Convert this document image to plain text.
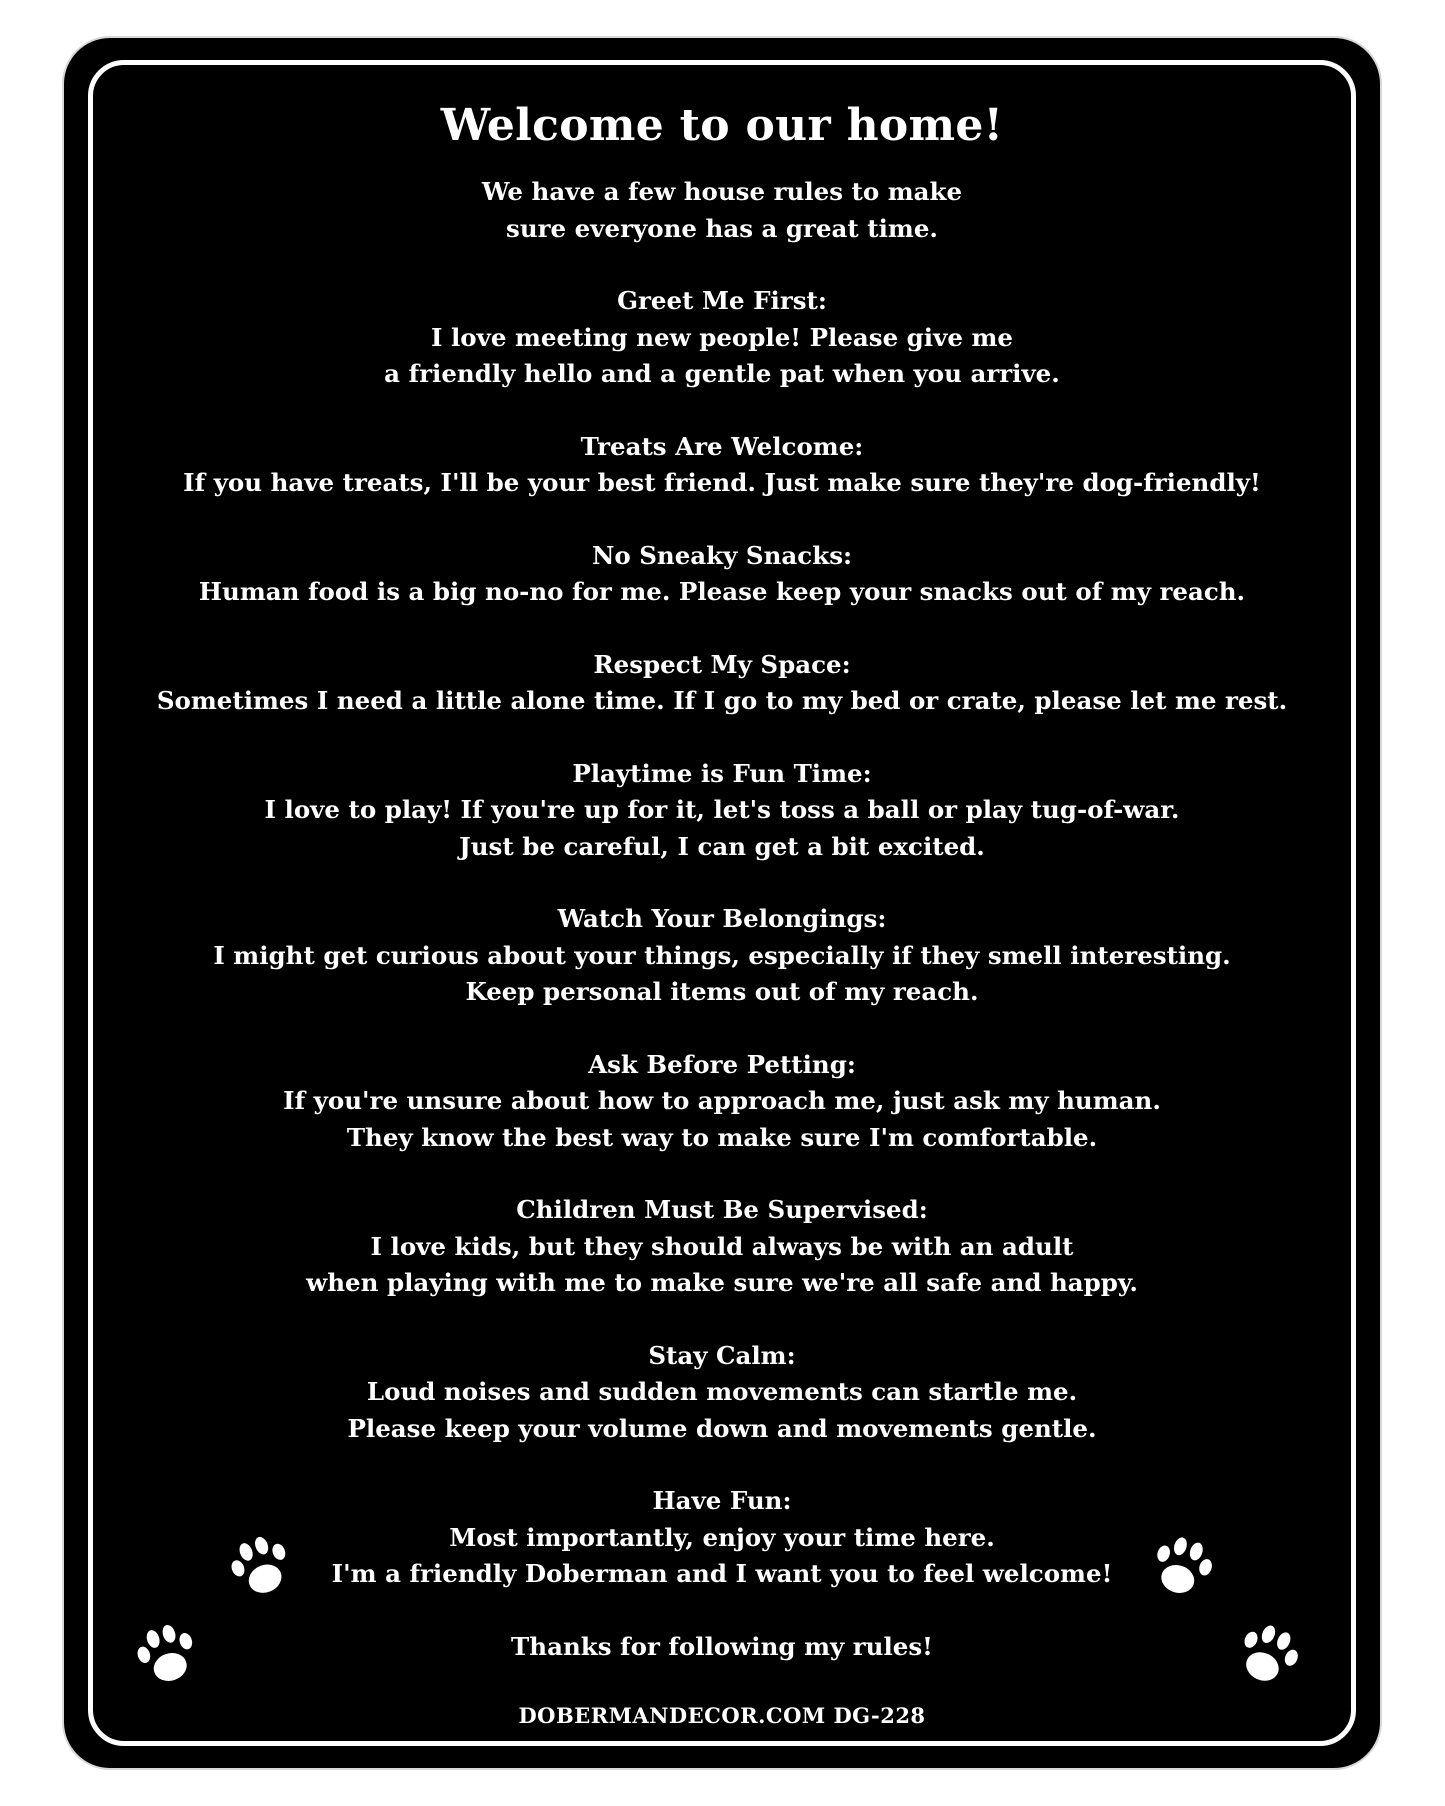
Welcome to our home!

We have a few house rules to make

sure everyone has a great time.

Greet Me First:

I love meeting new people! Please give me

a friendly hello and a gentle pat when you arrive.

Treats Are Welcome:

If you have treats, I'll be your best friend. Just make sure they're dog-friendly!

No Sneaky Snacks:

Human food is a big no-no for me. Please keep your snacks out of my reach.

Respect My Space:

Sometimes I need a little alone time. If I go to my bed or crate, please let me rest.

Playtime is Fun Time:

I love to play! If you're up for it, let's toss a ball or play tug-of-war.

Just be careful, I can get a bit excited.

Watch Your Belongings:

I might get curious about your things, especially if they smell interesting.

Keep personal items out of my reach.

Ask Before Petting:

If you're unsure about how to approach me, just ask my human.

They know the best way to make sure I'm comfortable.

Children Must Be Supervised:

I love kids, but they should always be with an adult

when playing with me to make sure we're all safe and happy.

Stay Calm:

Loud noises and sudden movements can startle me.

Please keep your volume down and movements gentle.

Have Fun:

Most importantly, enjoy your time here.

I'm a friendly Doberman and I want you to feel welcome!

Thanks for following my rules!
DOBERMANDECOR.COM DG-228
